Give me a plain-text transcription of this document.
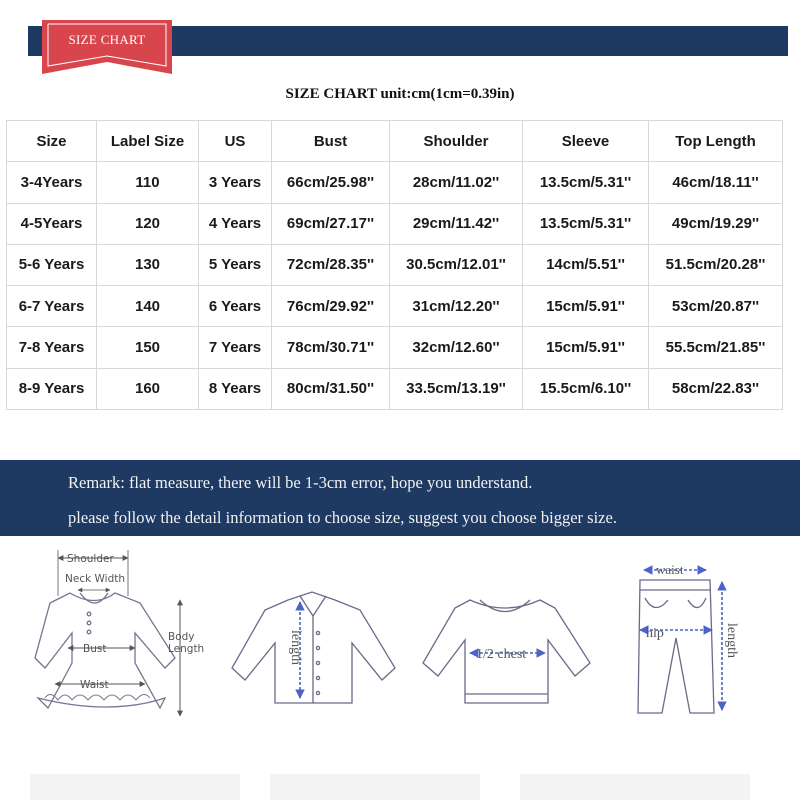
SIZE CHART
SIZE CHART unit:cm(1cm=0.39in)
Size	Label Size	US	Bust	Shoulder	Sleeve	Top Length
3-4Years	110	3 Years	66cm/25.98''	28cm/11.02''	13.5cm/5.31''	46cm/18.11''
4-5Years	120	4 Years	69cm/27.17''	29cm/11.42''	13.5cm/5.31''	49cm/19.29''
5-6 Years	130	5 Years	72cm/28.35''	30.5cm/12.01''	14cm/5.51''	51.5cm/20.28''
6-7 Years	140	6 Years	76cm/29.92''	31cm/12.20''	15cm/5.91''	53cm/20.87''
7-8 Years	150	7 Years	78cm/30.71''	32cm/12.60''	15cm/5.91''	55.5cm/21.85''
8-9 Years	160	8 Years	80cm/31.50''	33.5cm/13.19''	15.5cm/6.10''	58cm/22.83''
Remark: flat measure, there will be 1-3cm error, hope you understand.
please follow the detail information to choose size, suggest you choose bigger size.
Shoulder
Neck Width
Bust
Waist
Body
Length	length	1/2 chest
waist
hip	length
